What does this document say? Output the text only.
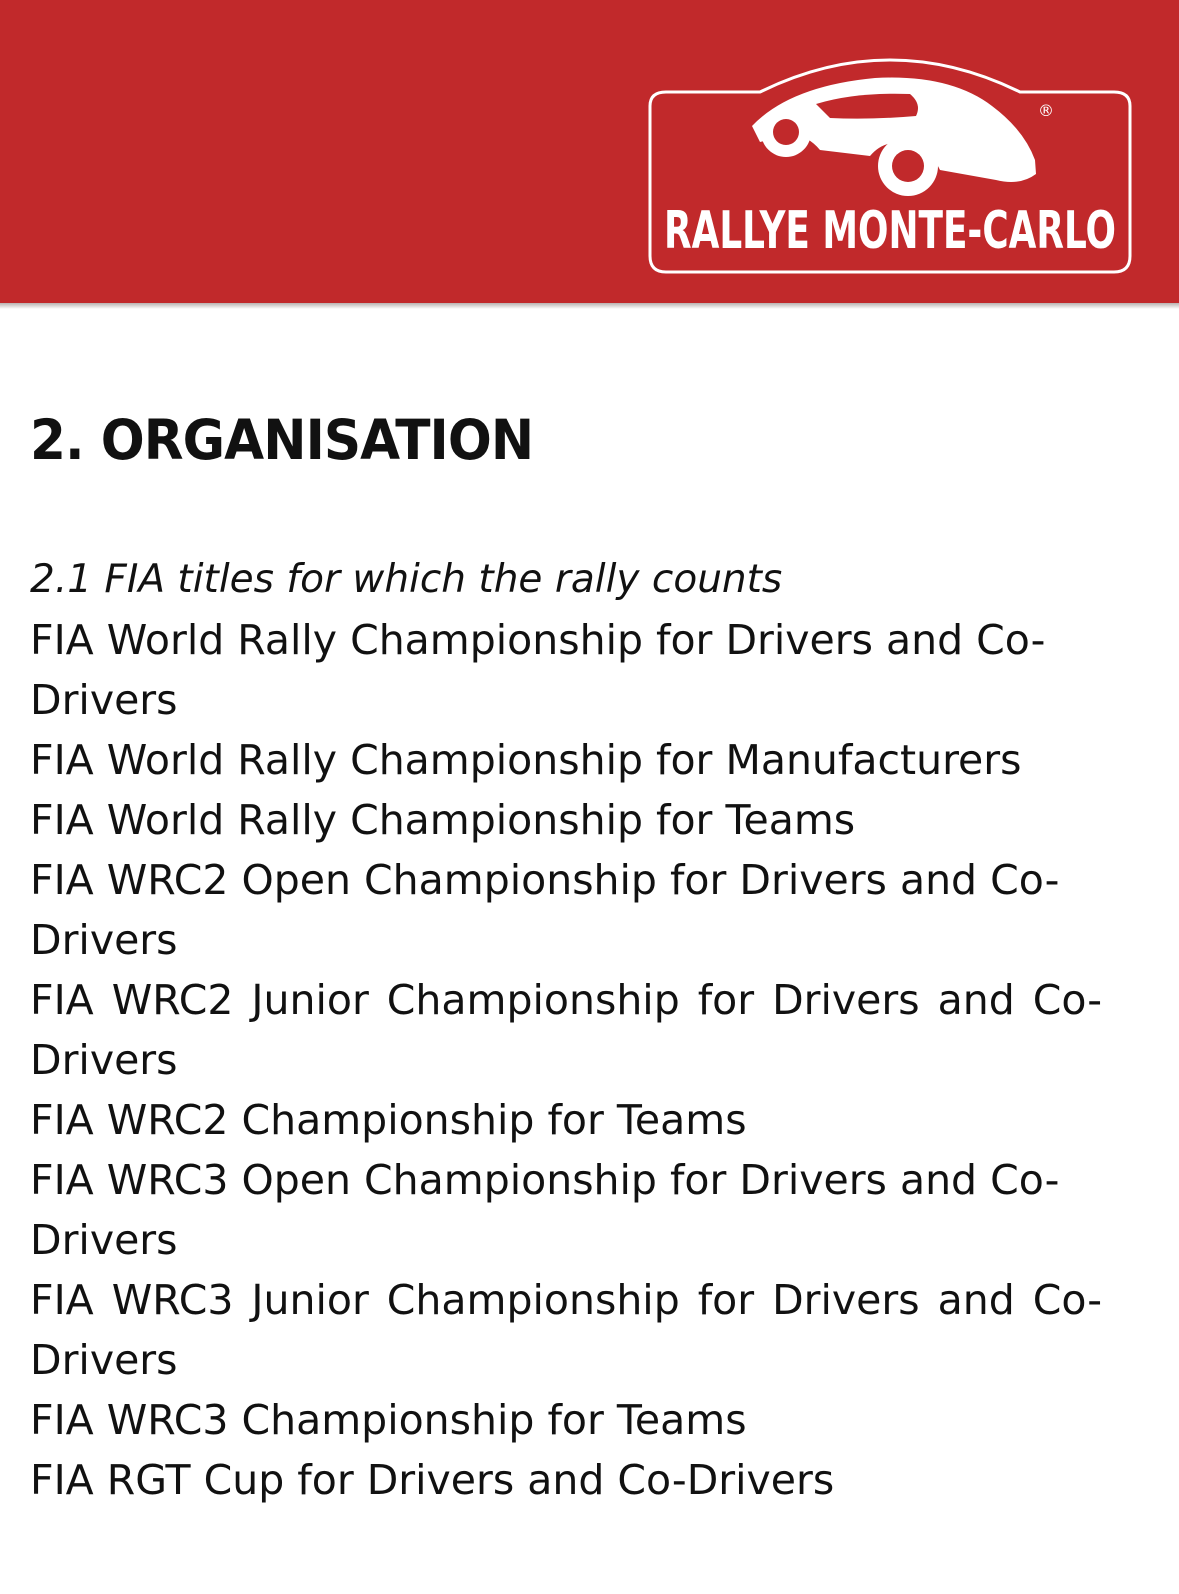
®
RALLYE MONTE-CARLO
2. ORGANISATION
2.1 FIA titles for which the rally counts
FIA World Rally Championship for Drivers and Co-Drivers
FIA World Rally Championship for Manufacturers
FIA World Rally Championship for Teams
FIA WRC2 Open Championship for Drivers and Co-Drivers
FIA WRC2 Junior Championship for Drivers and Co-Drivers
FIA WRC2 Championship for Teams
FIA WRC3 Open Championship for Drivers and Co-Drivers
FIA WRC3 Junior Championship for Drivers and Co-Drivers
FIA WRC3 Championship for Teams
FIA RGT Cup for Drivers and Co-Drivers
